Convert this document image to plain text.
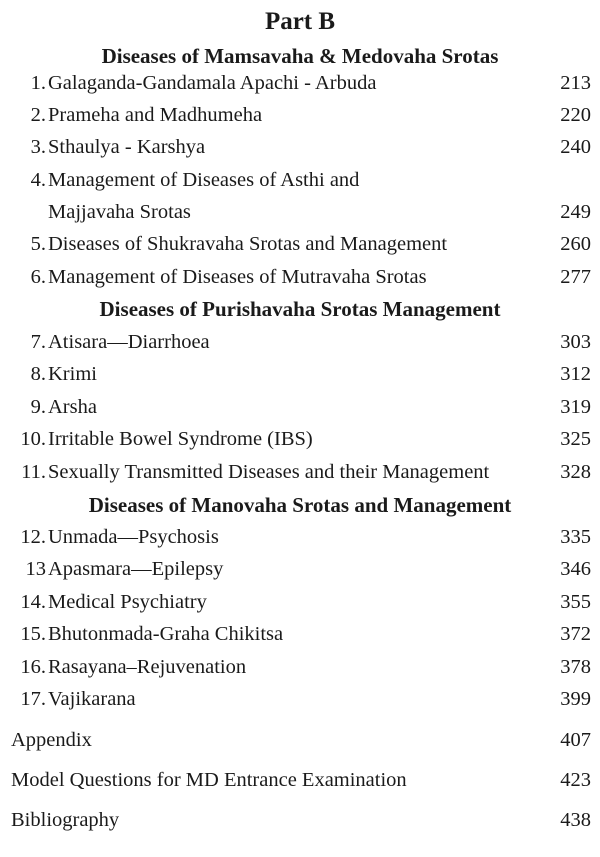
Part B
Diseases of Mamsavaha & Medovaha Srotas
1. Galaganda-Gandamala Apachi - Arbuda	213
2. Prameha and Madhumeha	220
3. Sthaulya - Karshya	240
4. Management of Diseases of Asthi and
Majjavaha Srotas	249
5. Diseases of Shukravaha Srotas and Management	260
6. Management of Diseases of Mutravaha Srotas	277
Diseases of Purishavaha Srotas Management
7. Atisara—Diarrhoea	303
8. Krimi	312
9. Arsha	319
10. Irritable Bowel Syndrome (IBS)	325
11. Sexually Transmitted Diseases and their Management	328
Diseases of Manovaha Srotas and Management
12. Unmada—Psychosis	335
13 Apasmara—Epilepsy	346
14. Medical Psychiatry	355
15. Bhutonmada-Graha Chikitsa	372
16. Rasayana–Rejuvenation	378
17. Vajikarana	399
Appendix	407
Model Questions for MD Entrance Examination	423
Bibliography	438
